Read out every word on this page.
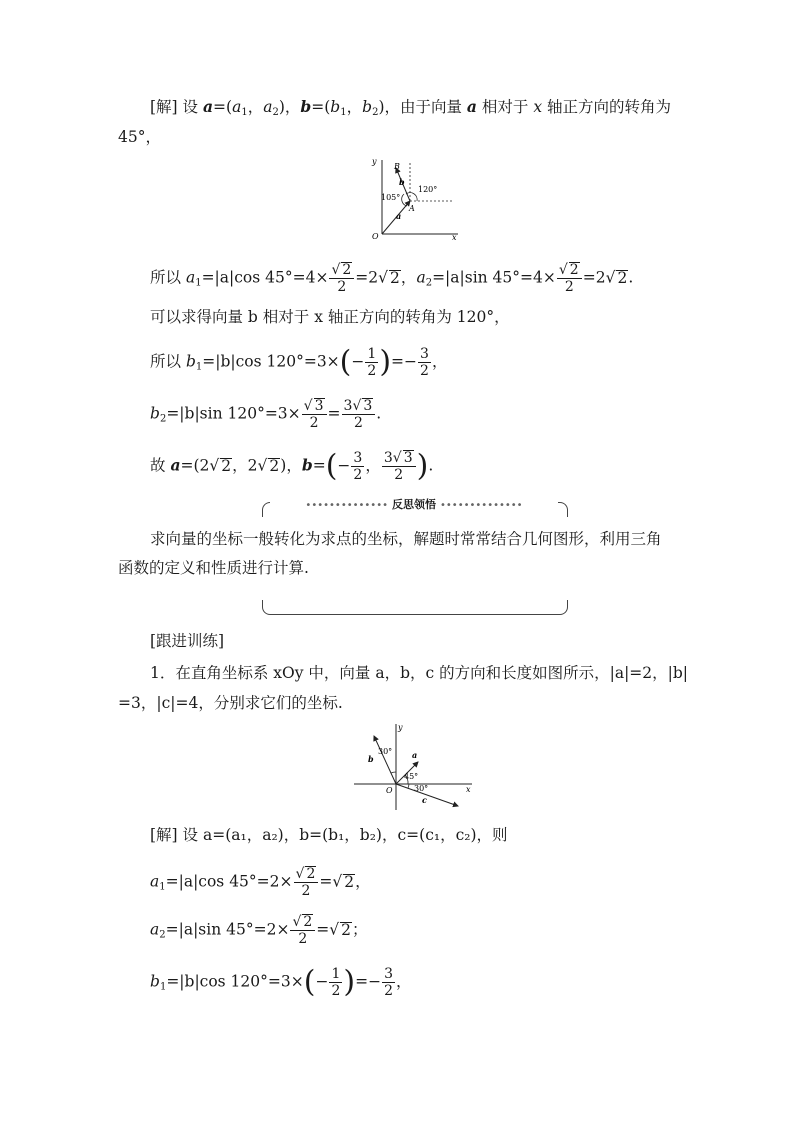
[解] 设 $a=(a_1$，$a_2$)，$b=(b_1$，$b_2$)，由于向量 a 相对于 x 轴正方向的转角为
45°，
y
B
b
120°
105°
A
a
O	x
所以 $a_1=|a|\cos$ $45^\circ=4\times \frac{√ 2}{2} =2√$ 2，$a_2=|a|\sin$ $45^\circ=4\times \frac{√ 2}{2} =2√$ 2.
可以求得向量 b 相对于 x 轴正方向的转角为 120°，
所以 $b_1=|b|\cos$ $120^\circ=3\times(- \frac{1}{2}$ )=− $\frac{3}{2}$ ，
$b_2=|b|\sin$ $120^\circ=3\times \frac{√ 3}{2} = \frac{3√ 3}{2}$ .
故 a=(2√ 2，2√ 2)，$b=(- \frac{3}{2}$ ， $\frac{3√ 3}{2}$ ).
•••••••••••••• 反思领悟 ••••••••••••••
求向量的坐标一般转化为求点的坐标，解题时常常结合几何图形，利用三角
函数的定义和性质进行计算.
[跟进训练]
1．在直角坐标系 xOy 中，向量 a，b，c 的方向和长度如图所示，|a|=2，|b|
=3，|c|=4，分别求它们的坐标.
y
30° a
b
45°
O	30°
c
x
[解] 设 a=(a₁，a₂)，b=(b₁，b₂)，c=(c₁，c₂)，则
$a_1=|a|\cos$ $45^\circ=2\times \frac{√ 2}{2}$ =√ 2，
$a_2=|a|\sin$ $45^\circ=2\times \frac{√ 2}{2}$ =√ 2；
$b_1=|b|\cos$ $120^\circ=3\times(- \frac{1}{2}$ )=− $\frac{3}{2}$ ，
